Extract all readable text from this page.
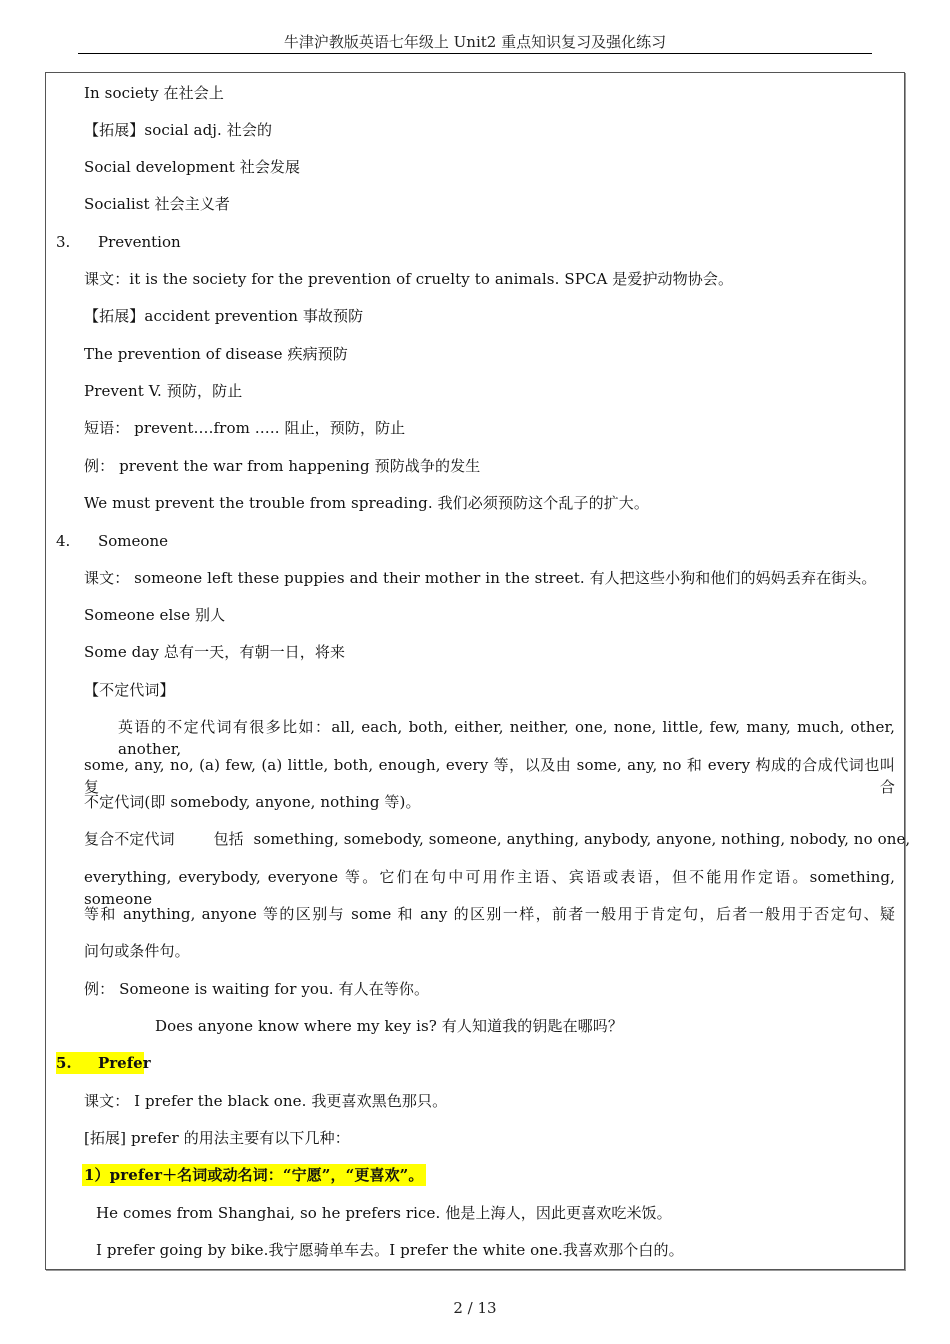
牛津沪教版英语七年级上 Unit2 重点知识复习及强化练习
In society 在社会上
【拓展】social adj. 社会的
Social development 社会发展
Socialist 社会主义者
3. Prevention
课文：it is the society for the prevention of cruelty to animals. SPCA 是爱护动物协会。
【拓展】accident prevention 事故预防
The prevention of disease 疾病预防
Prevent V. 预防，防止
短语： prevent….from ….. 阻止，预防，防止
例： prevent the war from happening 预防战争的发生
We must prevent the trouble from spreading. 我们必须预防这个乱子的扩大。
4. Someone
课文： someone left these puppies and their mother in the street. 有人把这些小狗和他们的妈妈丢弃在街头。
Someone else 别人
Some day 总有一天，有朝一日，将来
【不定代词】
英语的不定代词有很多比如：all, each, both, either, neither, one, none, little, few, many, much, other, another,
some, any, no, (a) few, (a) little, both, enough, every 等，以及由 some, any, no 和 every 构成的合成代词也叫复合
不定代词(即 somebody, anyone, nothing 等)。
复合不定代词        包括  something, somebody, someone, anything, anybody, anyone, nothing, nobody, no one,
everything, everybody, everyone 等。它们在句中可用作主语、宾语或表语，但不能用作定语。something, someone
等和 anything, anyone 等的区别与 some 和 any 的区别一样，前者一般用于肯定句，后者一般用于否定句、疑
问句或条件句。
例： Someone is waiting for you. 有人在等你。
Does anyone know where my key is? 有人知道我的钥匙在哪吗？
5. Prefer
课文： I prefer the black one. 我更喜欢黑色那只。
[拓展] prefer 的用法主要有以下几种：
1）prefer＋名词或动名词：“宁愿”，“更喜欢”。
He comes from Shanghai, so he prefers rice. 他是上海人，因此更喜欢吃米饭。
I prefer going by bike.我宁愿骑单车去。I prefer the white one.我喜欢那个白的。
2 / 13
